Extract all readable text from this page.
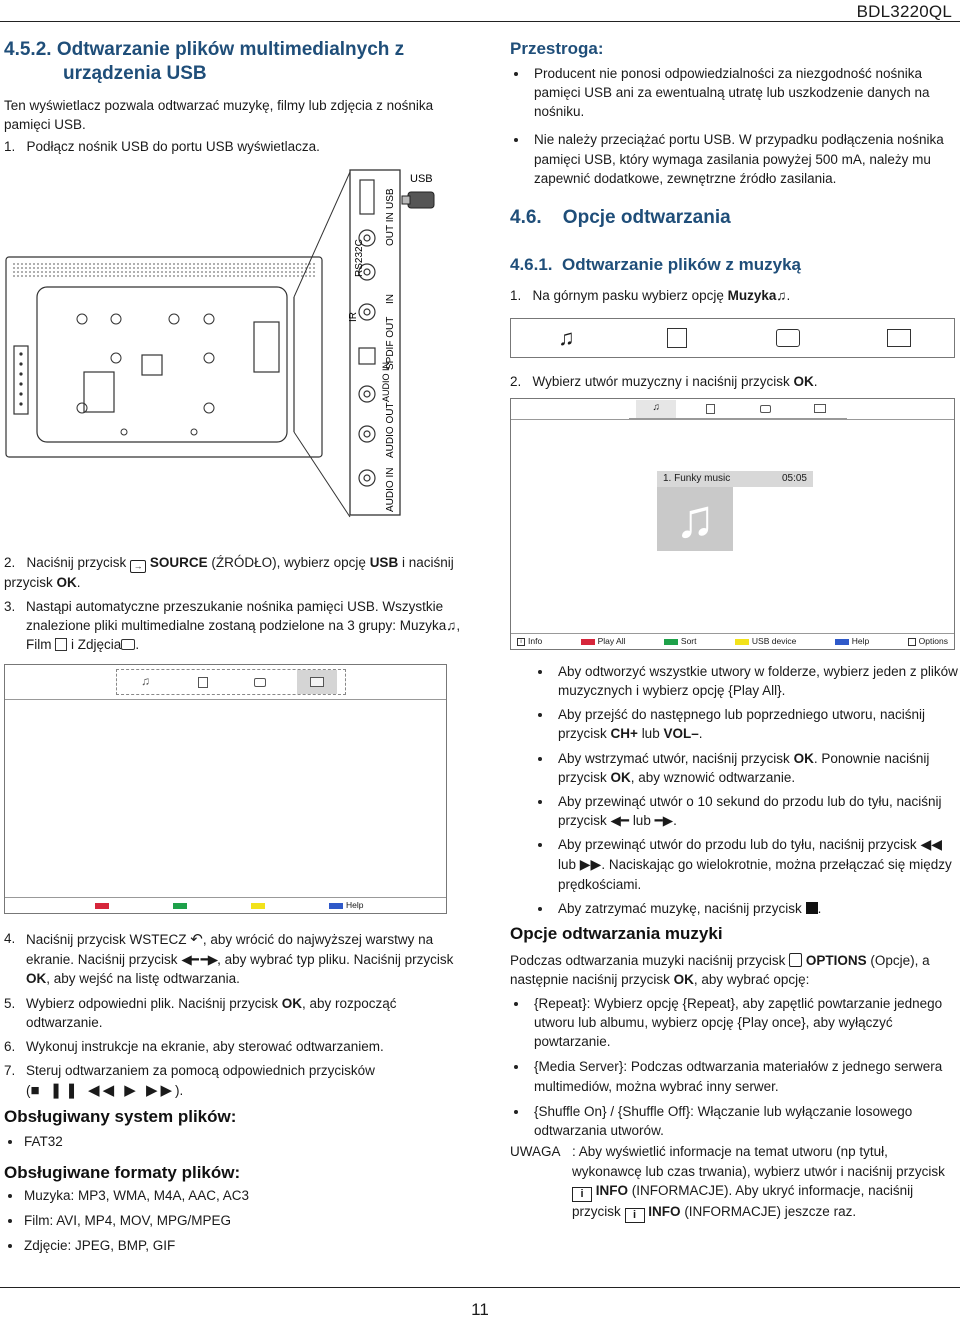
BDL3220QL
4.5.2. Odtwarzanie plików multimedialnych z
urządzenia USB
Ten wyświetlacz pozwala odtwarzać muzykę, filmy lub zdjęcia z nośnika pamięci USB.
1. Podłącz nośnik USB do portu USB wyświetlacza.
USB
OUT IN
RS232C
IR
IN
SPDIF OUT
AUDIO IN
AUDIO OUT
AUDIO IN
USB
2. Naciśnij przycisk → SOURCE (ŹRÓDŁO), wybierz opcję USB i naciśnij przycisk OK.
3. Nastąpi automatyczne przeszukanie nośnika pamięci USB. Wszystkie znalezione pliki multimedialne zostaną podzielone na 3 grupy: Muzyka♫, Film i Zdjęcia .
♫
Help
4. Naciśnij przycisk WSTECZ ↶, aby wrócić do najwyższej warstwy na ekranie. Naciśnij przycisk ◀━ ━▶, aby wybrać typ pliku. Naciśnij przycisk OK, aby wejść na listę odtwarzania.
5. Wybierz odpowiedni plik. Naciśnij przycisk OK, aby rozpocząć odtwarzanie.
6. Wykonuj instrukcje na ekranie, aby sterować odtwarzaniem.
7. Steruj odtwarzaniem za pomocą odpowiednich przycisków
(■ ❚❚ ◀◀ ▶ ▶▶).
Obsługiwany system plików:
FAT32
Obsługiwane formaty plików:
Muzyka: MP3, WMA, M4A, AAC, AC3
Film: AVI, MP4, MOV, MPG/MPEG
Zdjęcie: JPEG, BMP, GIF
Przestroga:
Producent nie ponosi odpowiedzialności za niezgodność nośnika pamięci USB ani za ewentualną utratę lub uszkodzenie danych na nośniku.
Nie należy przeciążać portu USB. W przypadku podłączenia nośnika pamięci USB, który wymaga zasilania powyżej 500 mA, należy mu zapewnić dodatkowe, zewnętrzne źródło zasilania.
4.6.    Opcje odtwarzania
4.6.1.  Odtwarzanie plików z muzyką
1. Na górnym pasku wybierz opcję Muzyka♫.
♫
2. Wybierz utwór muzyczny i naciśnij przycisk OK.
♫
1. Funky music	05:05
♫
i Info	Play All	Sort	USB device	Help	Options
Aby odtworzyć wszystkie utwory w folderze, wybierz jeden z plików muzycznych i wybierz opcję {Play All}.
Aby przejść do następnego lub poprzedniego utworu, naciśnij przycisk CH+ lub VOL–.
Aby wstrzymać utwór, naciśnij przycisk OK. Ponownie naciśnij przycisk OK, aby wznowić odtwarzanie.
Aby przewinąć utwór o 10 sekund do przodu lub do tyłu, naciśnij przycisk ◀━ lub ━▶.
Aby przewinąć utwór do przodu lub do tyłu, naciśnij przycisk ◀◀ lub ▶▶. Naciskając go wielokrotnie, można przełączać się między prędkościami.
Aby zatrzymać muzykę, naciśnij przycisk .
Opcje odtwarzania muzyki
Podczas odtwarzania muzyki naciśnij przycisk OPTIONS (Opcje), a następnie naciśnij przycisk OK, aby wybrać opcję:
{Repeat}: Wybierz opcję {Repeat}, aby zapętlić powtarzanie jednego utworu lub albumu, wybierz opcję {Play once}, aby wyłączyć powtarzanie.
{Media Server}: Podczas odtwarzania materiałów z jednego serwera multimediów, można wybrać inny serwer.
{Shuffle On} / {Shuffle Off}: Włączanie lub wyłączanie losowego odtwarzania utworów.
UWAGA : Aby wyświetlić informacje na temat utworu (np tytuł, wykonawcę lub czas trwania), wybierz utwór i naciśnij przycisk i INFO (INFORMACJE). Aby ukryć informacje, naciśnij przycisk i INFO (INFORMACJE) jeszcze raz.
11
